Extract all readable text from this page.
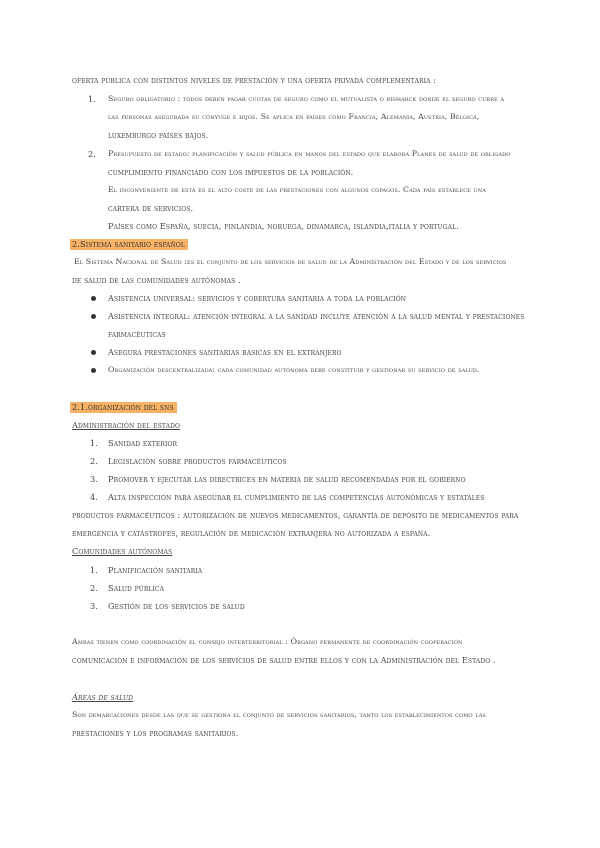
oferta pública con distintos niveles de prestación y una oferta privada complementaria :
1. Seguro obligatorio : todos deben pagar cuotas de seguro como el mutualista o bismarck donde el seguro cubre a
las personas asegurada su cónyuge e hijos. Se aplica en países como Francia, Alemania, Austria, Bélgica,
luxemburgo países bajos.
2. Presupuesto de estado: planificación y salud pública en manos del estado que elabora Planes de salud de obligado
cumplimiento financiado con los impuestos de la población.
El inconveniente de está es el alto coste de las prestaciones con algunos copagos. Cada país establece una
cartera de servicios.
Países como España, suecia, finlandia, noruega, dinamarca, islandia,italia y portugal.
2.Sistema sanitario español
El Sistema Nacional de Salud :es el conjunto de los servicios de salud de la Administración del Estado y de los servicios
de salud de las comunidades autónomas .
Asistencia universal: servicios y cobertura sanitaria a toda la población
Asistencia integral: atención integral a la sanidad incluye atención a la salud mental y prestaciones
farmacéuticas
Asegura prestaciones sanitarias básicas en el extranjero
Organización descentralizada: cada comunidad autónoma debe constituir y gestionar su servicio de salud.
2.1.organización del sns
Administración del estado
1. Sanidad exterior
2. Legislación sobre productos farmacéuticos
3. Promover y ejecutar las directrices en materia de salud recomendadas por el gobierno
4. Alta inspección para asegurar el cumplimiento de las competencias autonómicas y estatales
productos farmacéuticos : autorización de nuevos medicamentos, garantía de depósito de medicamentos para
emergencia y catástrofes, regulación de medicación extranjera no autorizada a españa.
Comunidades autónomas
1. Planificación sanitaria
2. Salud pública
3. Gestión de los servicios de salud
Ambas tienen como coordinación el consejo interterritorial : Órgano permanente de coordinación cooperación
comunicación e información de los servicios de salud entre ellos y con la Administración del Estado .
Áreas de salud
Son demarcaciones desde las que se gestiona el conjunto de servicios sanitarios, tanto los establecimientos como las
prestaciones y los programas sanitarios.
